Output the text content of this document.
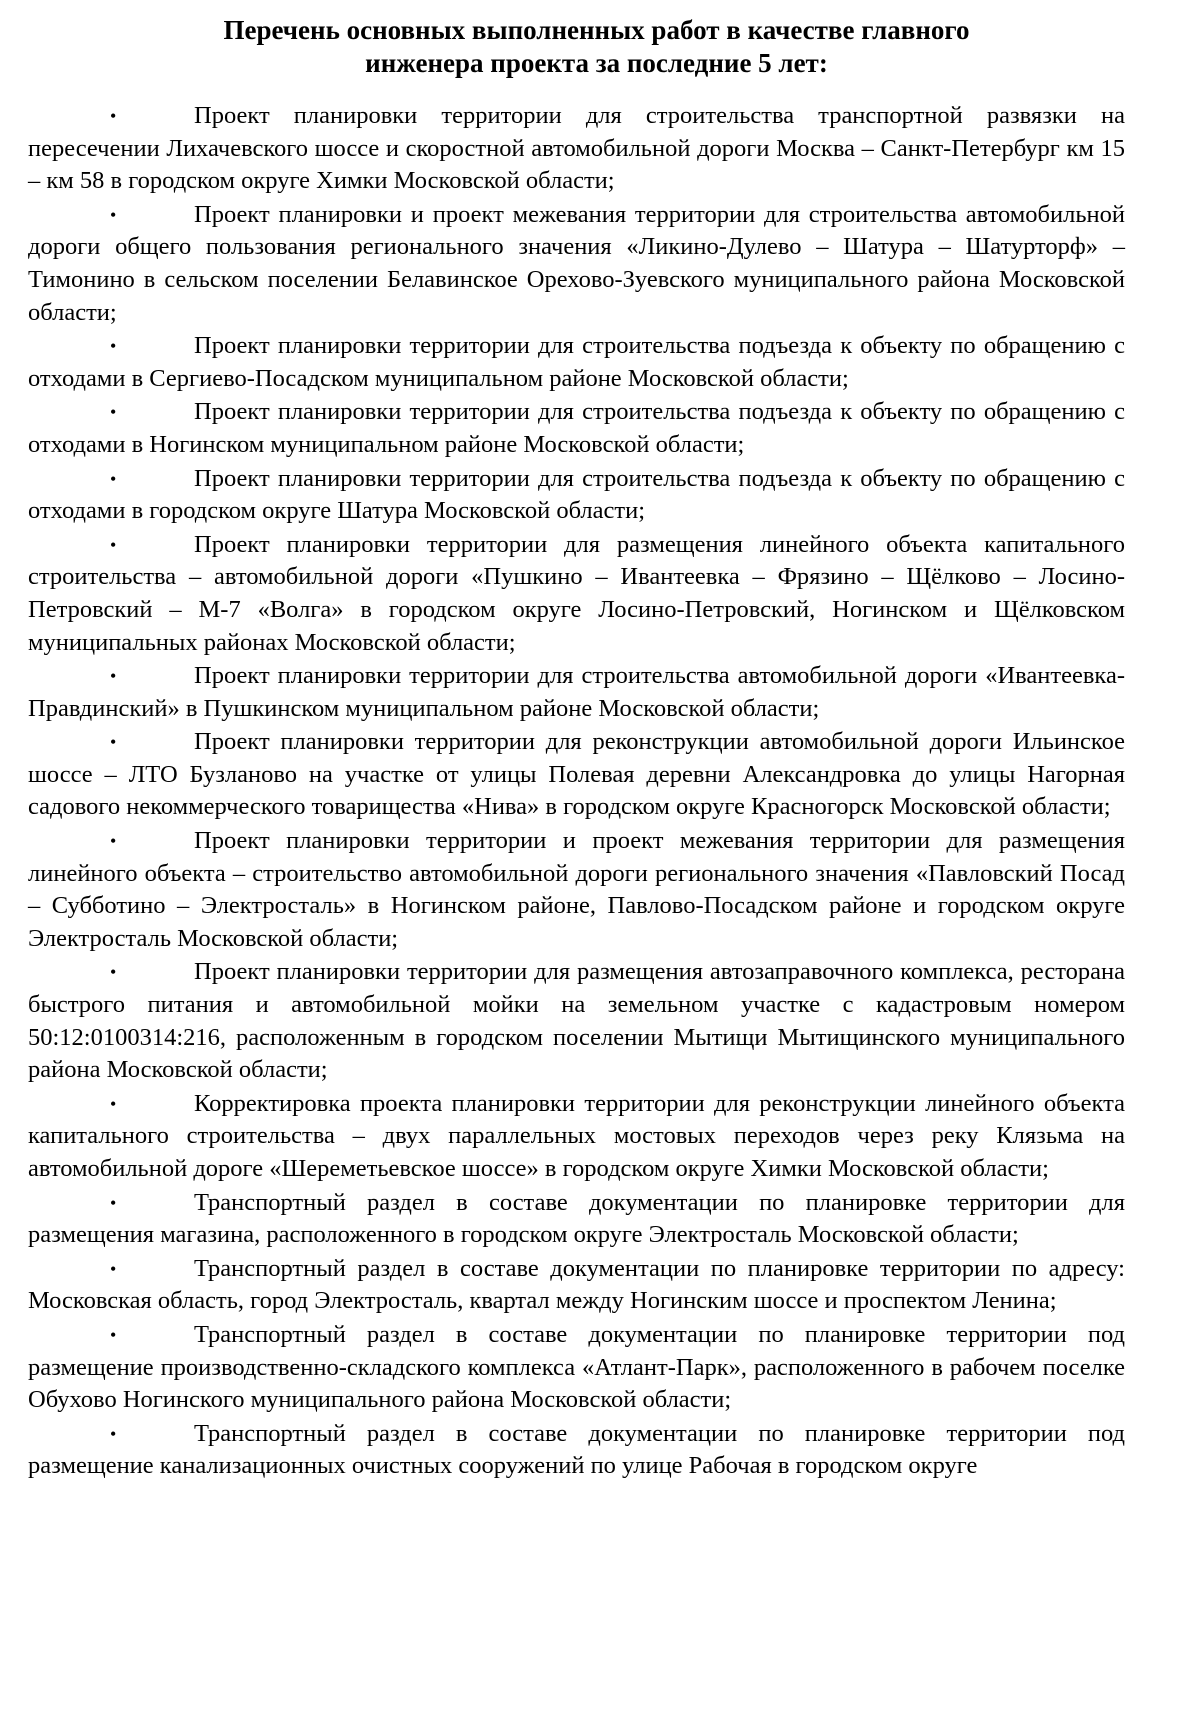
Перечень основных выполненных работ в качестве главного
инженера проекта за последние 5 лет:
•	Проект планировки территории для строительства транспортной развязки на пересечении Лихачевского шоссе и скоростной автомобильной дороги Москва – Санкт-Петербург км 15 – км 58 в городском округе Химки Московской области;
•	Проект планировки и проект межевания территории для строительства автомобильной дороги общего пользования регионального значения «Ликино-Дулево – Шатура – Шатурторф» – Тимонино в сельском поселении Белавинское Орехово-Зуевского муниципального района Московской области;
•	Проект планировки территории для строительства подъезда к объекту по обращению с отходами в Сергиево-Посадском муниципальном районе Московской области;
•	Проект планировки территории для строительства подъезда к объекту по обращению с отходами в Ногинском муниципальном районе Московской области;
•	Проект планировки территории для строительства подъезда к объекту по обращению с отходами в городском округе Шатура Московской области;
•	Проект планировки территории для размещения линейного объекта капитального строительства – автомобильной дороги «Пушкино – Ивантеевка – Фрязино – Щёлково – Лосино-Петровский – М-7 «Волга» в городском округе Лосино-Петровский, Ногинском и Щёлковском муниципальных районах Московской области;
•	Проект планировки территории для строительства автомобильной дороги «Ивантеевка-Правдинский» в Пушкинском муниципальном районе Московской области;
•	Проект планировки территории для реконструкции автомобильной дороги Ильинское шоссе – ЛТО Бузланово на участке от улицы Полевая деревни Александровка до улицы Нагорная садового некоммерческого товарищества «Нива» в городском округе Красногорск Московской области;
•	Проект планировки территории и проект межевания территории для размещения линейного объекта – строительство автомобильной дороги регионального значения «Павловский Посад – Субботино – Электросталь» в Ногинском районе, Павлово-Посадском районе и городском округе Электросталь Московской области;
•	Проект планировки территории для размещения автозаправочного комплекса, ресторана быстрого питания и автомобильной мойки на земельном участке с кадастровым номером 50:12:0100314:216, расположенным в городском поселении Мытищи Мытищинского муниципального района Московской области;
•	Корректировка проекта планировки территории для реконструкции линейного объекта капитального строительства – двух параллельных мостовых переходов через реку Клязьма на автомобильной дороге «Шереметьевское шоссе» в городском округе Химки Московской области;
•	Транспортный раздел в составе документации по планировке территории для размещения магазина, расположенного в городском округе Электросталь Московской области;
•	Транспортный раздел в составе документации по планировке территории по адресу: Московская область, город Электросталь, квартал между Ногинским шоссе и проспектом Ленина;
•	Транспортный раздел в составе документации по планировке территории под размещение производственно-складского комплекса «Атлант-Парк», расположенного в рабочем поселке Обухово Ногинского муниципального района Московской области;
•	Транспортный раздел в составе документации по планировке территории под размещение канализационных очистных сооружений по улице Рабочая в городском округе
